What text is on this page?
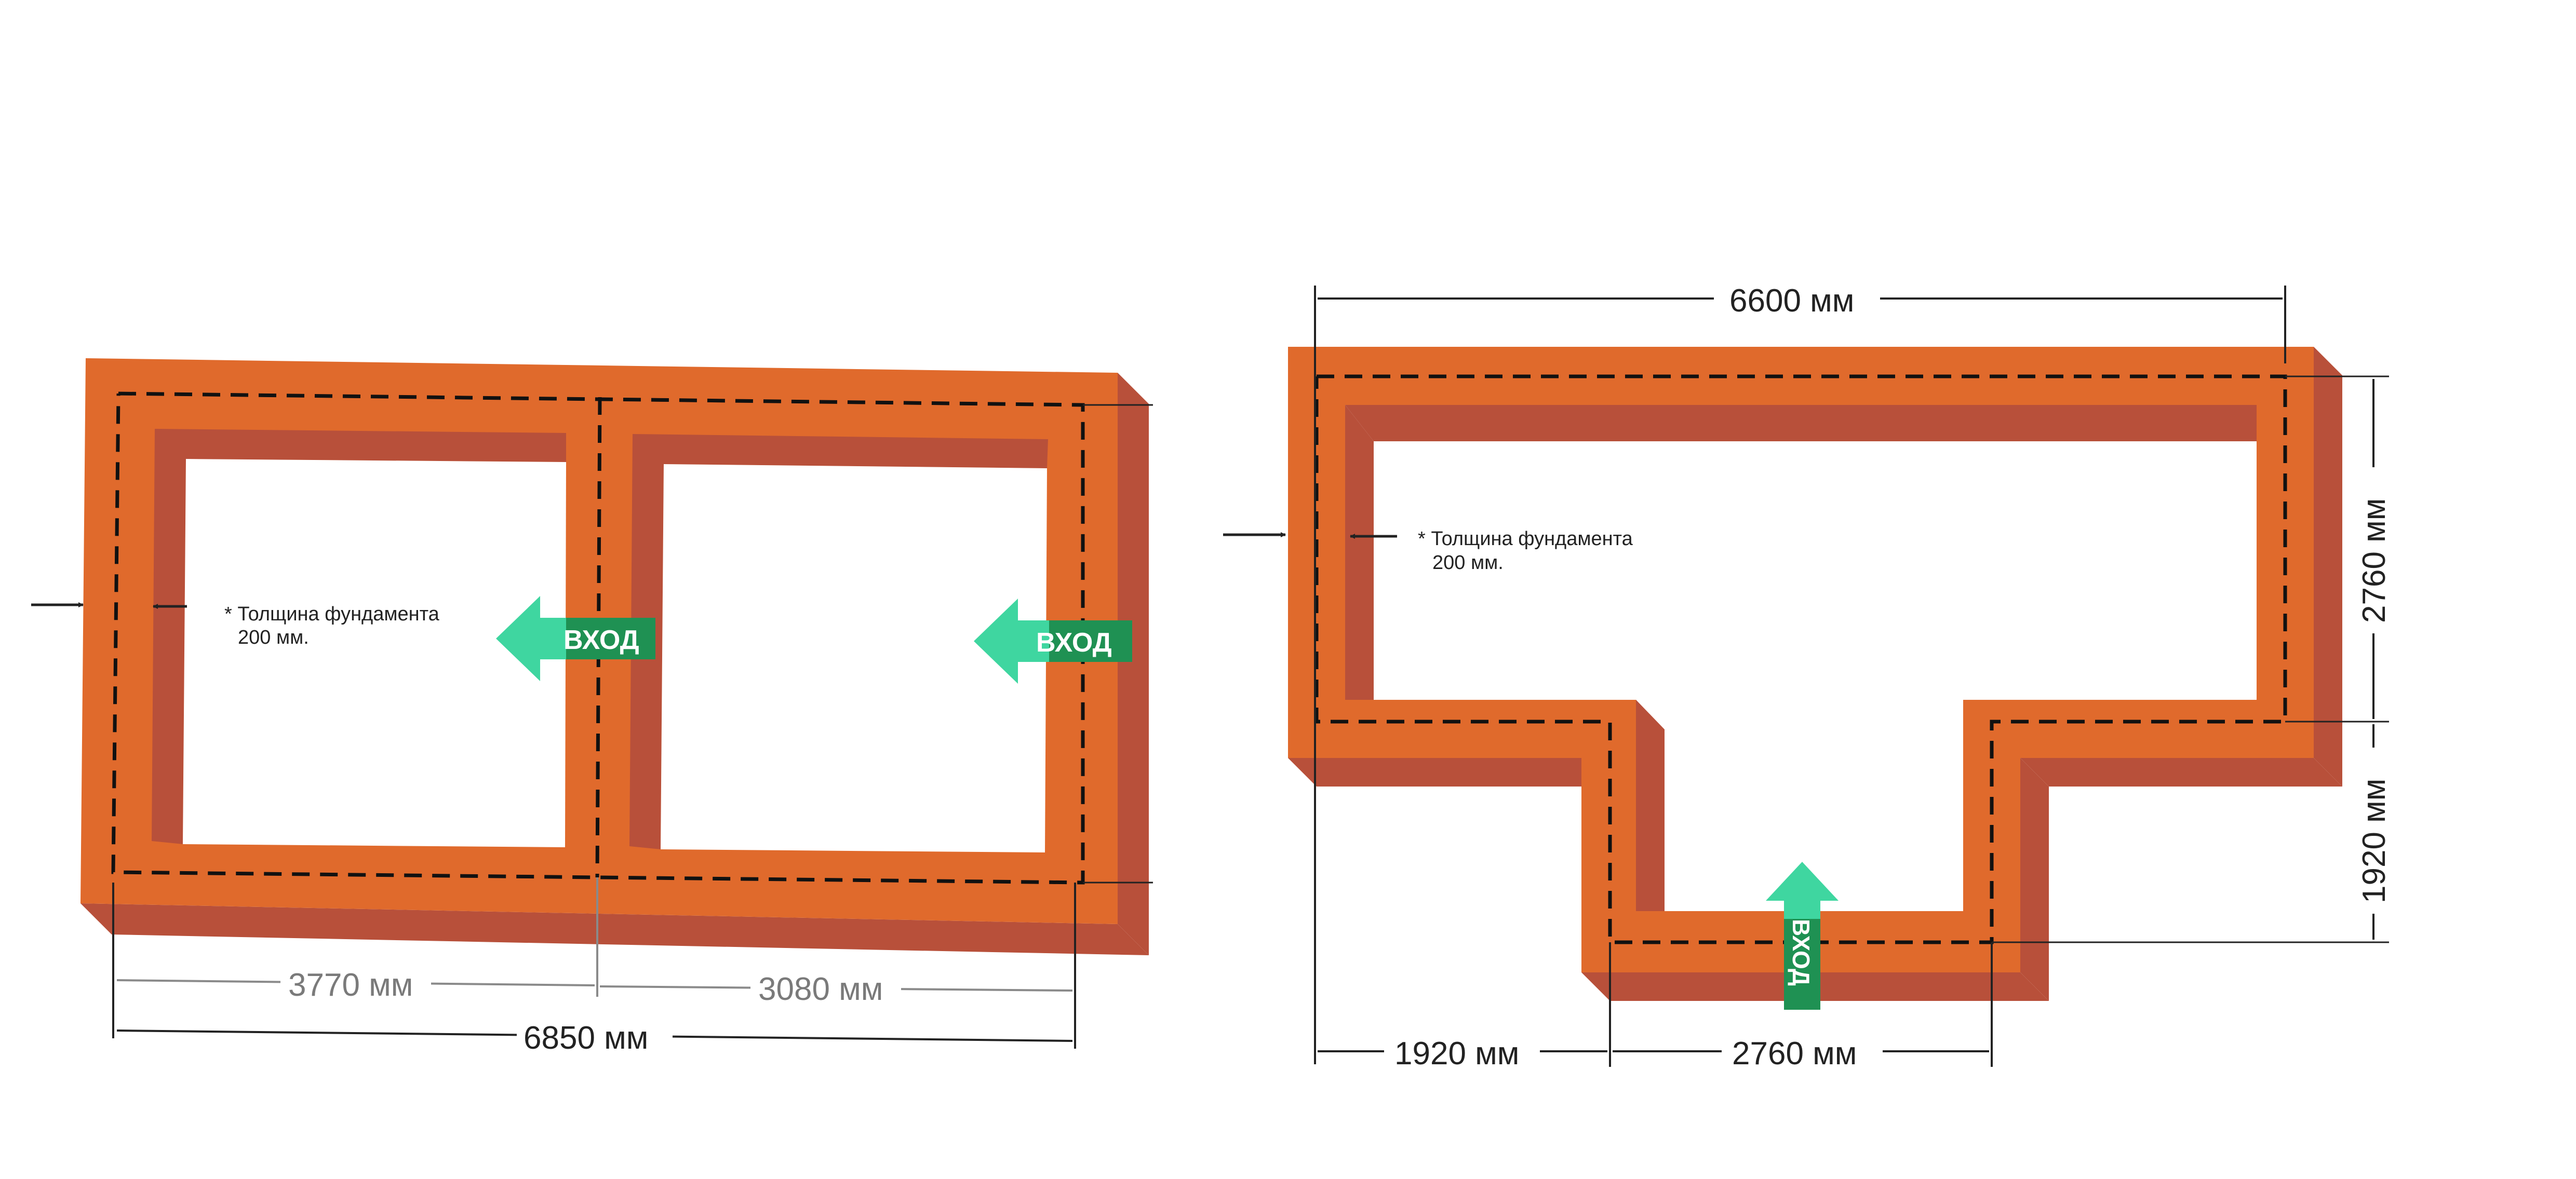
* Толщина фундамента
200 мм.	ВХОД	ВХОД
3770 мм	3080 мм
6850 мм
* Толщина фундамента
200 мм.
ВХОД
6600 мм
2760 мм
1920 мм
1920 мм	2760 мм
